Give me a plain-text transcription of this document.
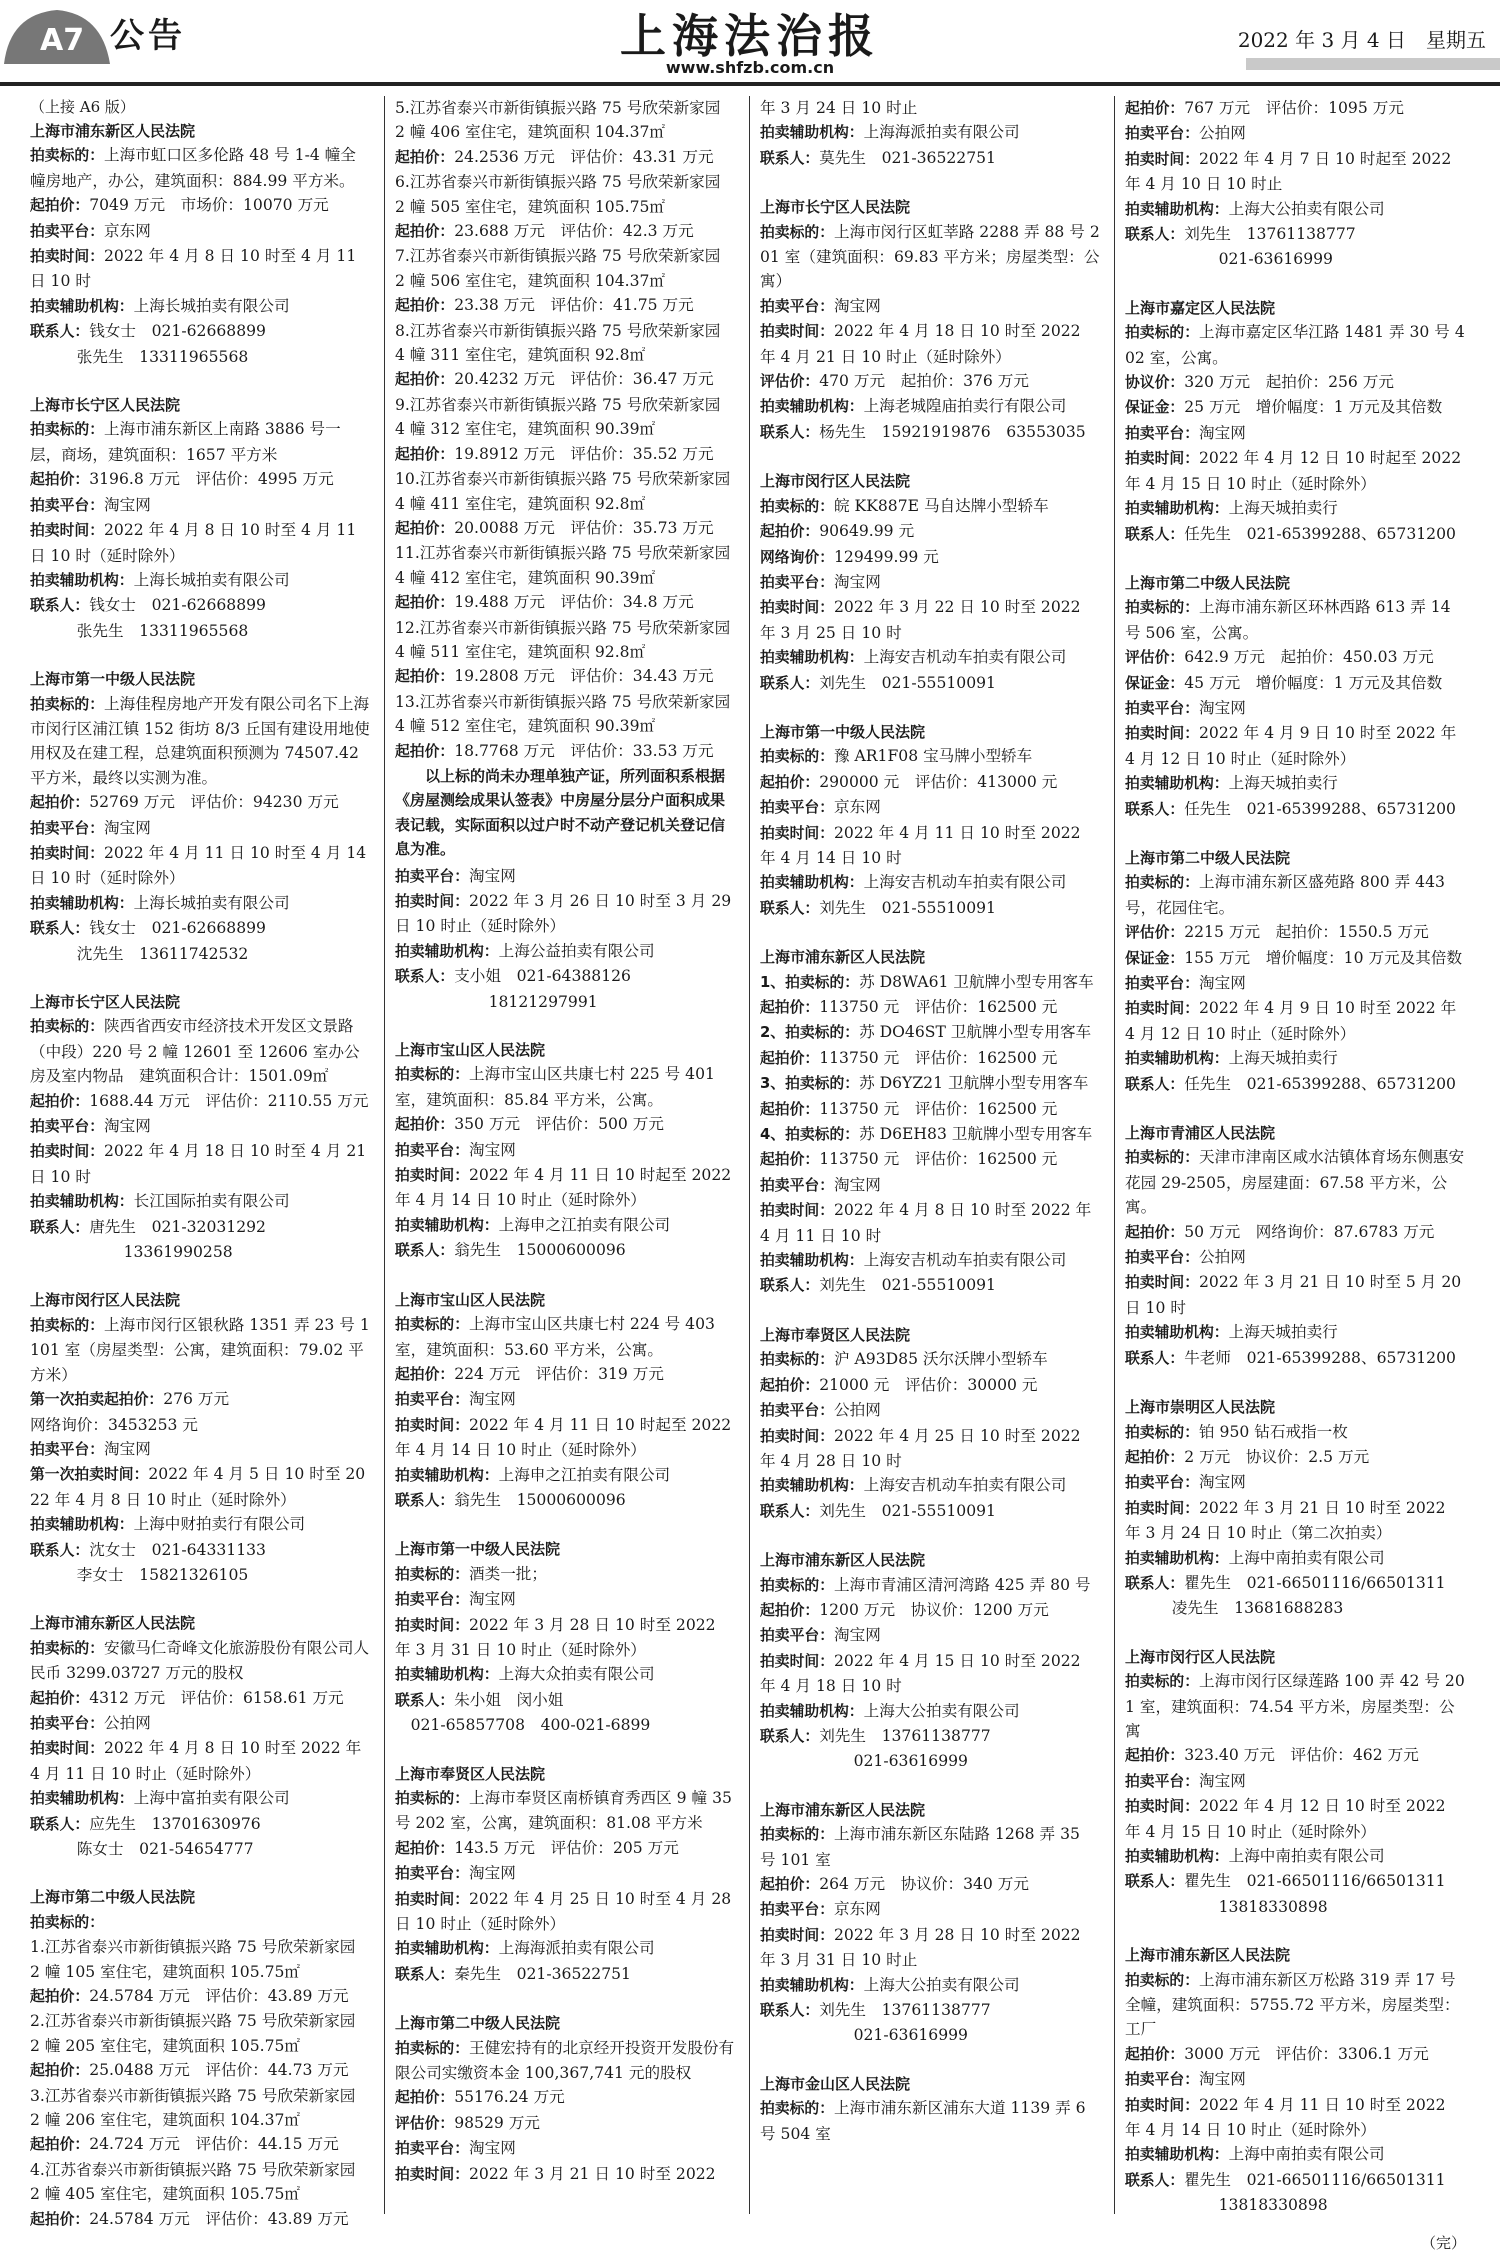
A7 公告	上海法治报
www.shfzb.com.cn
2022 年 3 月 4 日　星期五
（上接 A6 版）
上海市浦东新区人民法院
拍卖标的：上海市虹口区多伦路 48 号 1-4 幢全幢房地产，办公，建筑面积：884.99 平方米。
起拍价：7049 万元　市场价：10070 万元
拍卖平台：京东网
拍卖时间：2022 年 4 月 8 日 10 时至 4 月 11 日 10 时
拍卖辅助机构：上海长城拍卖有限公司
联系人：钱女士　021-62668899
　　　张先生　13311965568
上海市长宁区人民法院
拍卖标的：上海市浦东新区上南路 3886 号一层，商场，建筑面积：1657 平方米
起拍价：3196.8 万元　评估价：4995 万元
拍卖平台：淘宝网
拍卖时间：2022 年 4 月 8 日 10 时至 4 月 11 日 10 时（延时除外）
拍卖辅助机构：上海长城拍卖有限公司
联系人：钱女士　021-62668899
　　　张先生　13311965568
上海市第一中级人民法院
拍卖标的：上海佳程房地产开发有限公司名下上海市闵行区浦江镇 152 街坊 8/3 丘国有建设用地使用权及在建工程，总建筑面积预测为 74507.42 平方米，最终以实测为准。
起拍价：52769 万元　评估价：94230 万元
拍卖平台：淘宝网
拍卖时间：2022 年 4 月 11 日 10 时至 4 月 14 日 10 时（延时除外）
拍卖辅助机构：上海长城拍卖有限公司
联系人：钱女士　021-62668899
　　　沈先生　13611742532
上海市长宁区人民法院
拍卖标的：陕西省西安市经济技术开发区文景路（中段）220 号 2 幢 12601 至 12606 室办公房及室内物品　建筑面积合计：1501.09㎡
起拍价：1688.44 万元　评估价：2110.55 万元
拍卖平台：淘宝网
拍卖时间：2022 年 4 月 18 日 10 时至 4 月 21 日 10 时
拍卖辅助机构：长江国际拍卖有限公司
联系人：唐先生　021-32031292
　　　　　　13361990258
上海市闵行区人民法院
拍卖标的：上海市闵行区银秋路 1351 弄 23 号 1101 室（房屋类型：公寓，建筑面积：79.02 平方米）
第一次拍卖起拍价：276 万元
网络询价：3453253 元
拍卖平台：淘宝网
第一次拍卖时间：2022 年 4 月 5 日 10 时至 2022 年 4 月 8 日 10 时止（延时除外）
拍卖辅助机构：上海中财拍卖行有限公司
联系人：沈女士　021-64331133
　　　李女士　15821326105
上海市浦东新区人民法院
拍卖标的：安徽马仁奇峰文化旅游股份有限公司人民币 3299.03727 万元的股权
起拍价：4312 万元　评估价：6158.61 万元
拍卖平台：公拍网
拍卖时间：2022 年 4 月 8 日 10 时至 2022 年 4 月 11 日 10 时止（延时除外）
拍卖辅助机构：上海中富拍卖有限公司
联系人：应先生　13701630976
　　　陈女士　021-54654777
上海市第二中级人民法院
拍卖标的：
1.江苏省泰兴市新街镇振兴路 75 号欣荣新家园 2 幢 105 室住宅，建筑面积 105.75㎡
起拍价：24.5784 万元　评估价：43.89 万元
2.江苏省泰兴市新街镇振兴路 75 号欣荣新家园 2 幢 205 室住宅，建筑面积 105.75㎡
起拍价：25.0488 万元　评估价：44.73 万元
3.江苏省泰兴市新街镇振兴路 75 号欣荣新家园 2 幢 206 室住宅，建筑面积 104.37㎡
起拍价：24.724 万元　评估价：44.15 万元
4.江苏省泰兴市新街镇振兴路 75 号欣荣新家园 2 幢 405 室住宅，建筑面积 105.75㎡
起拍价：24.5784 万元　评估价：43.89 万元
5.江苏省泰兴市新街镇振兴路 75 号欣荣新家园 2 幢 406 室住宅，建筑面积 104.37㎡
起拍价：24.2536 万元　评估价：43.31 万元
6.江苏省泰兴市新街镇振兴路 75 号欣荣新家园 2 幢 505 室住宅，建筑面积 105.75㎡
起拍价：23.688 万元　评估价：42.3 万元
7.江苏省泰兴市新街镇振兴路 75 号欣荣新家园 2 幢 506 室住宅，建筑面积 104.37㎡
起拍价：23.38 万元　评估价：41.75 万元
8.江苏省泰兴市新街镇振兴路 75 号欣荣新家园 4 幢 311 室住宅，建筑面积 92.8㎡
起拍价：20.4232 万元　评估价：36.47 万元
9.江苏省泰兴市新街镇振兴路 75 号欣荣新家园 4 幢 312 室住宅，建筑面积 90.39㎡
起拍价：19.8912 万元　评估价：35.52 万元
10.江苏省泰兴市新街镇振兴路 75 号欣荣新家园 4 幢 411 室住宅，建筑面积 92.8㎡
起拍价：20.0088 万元　评估价：35.73 万元
11.江苏省泰兴市新街镇振兴路 75 号欣荣新家园 4 幢 412 室住宅，建筑面积 90.39㎡
起拍价：19.488 万元　评估价：34.8 万元
12.江苏省泰兴市新街镇振兴路 75 号欣荣新家园 4 幢 511 室住宅，建筑面积 92.8㎡
起拍价：19.2808 万元　评估价：34.43 万元
13.江苏省泰兴市新街镇振兴路 75 号欣荣新家园 4 幢 512 室住宅，建筑面积 90.39㎡
起拍价：18.7768 万元　评估价：33.53 万元
以上标的尚未办理单独产证，所列面积系根据《房屋测绘成果认签表》中房屋分层分户面积成果表记载，实际面积以过户时不动产登记机关登记信息为准。
拍卖平台：淘宝网
拍卖时间：2022 年 3 月 26 日 10 时至 3 月 29 日 10 时止（延时除外）
拍卖辅助机构：上海公益拍卖有限公司
联系人：支小姐　021-64388126
　　　　　　18121297991
上海市宝山区人民法院
拍卖标的：上海市宝山区共康七村 225 号 401 室，建筑面积：85.84 平方米，公寓。
起拍价：350 万元　评估价：500 万元
拍卖平台：淘宝网
拍卖时间：2022 年 4 月 11 日 10 时起至 2022 年 4 月 14 日 10 时止（延时除外）
拍卖辅助机构：上海申之江拍卖有限公司
联系人：翁先生　15000600096
上海市宝山区人民法院
拍卖标的：上海市宝山区共康七村 224 号 403 室，建筑面积：53.60 平方米，公寓。
起拍价：224 万元　评估价：319 万元
拍卖平台：淘宝网
拍卖时间：2022 年 4 月 11 日 10 时起至 2022 年 4 月 14 日 10 时止（延时除外）
拍卖辅助机构：上海申之江拍卖有限公司
联系人：翁先生　15000600096
上海市第一中级人民法院
拍卖标的：酒类一批；
拍卖平台：淘宝网
拍卖时间：2022 年 3 月 28 日 10 时至 2022 年 3 月 31 日 10 时止（延时除外）
拍卖辅助机构：上海大众拍卖有限公司
联系人：朱小姐　闵小姐
　021-65857708　400-021-6899
上海市奉贤区人民法院
拍卖标的：上海市奉贤区南桥镇育秀西区 9 幢 35 号 202 室，公寓，建筑面积：81.08 平方米
起拍价：143.5 万元　评估价：205 万元
拍卖平台：淘宝网
拍卖时间：2022 年 4 月 25 日 10 时至 4 月 28 日 10 时止（延时除外）
拍卖辅助机构：上海海派拍卖有限公司
联系人：秦先生　021-36522751
上海市第二中级人民法院
拍卖标的：王健宏持有的北京经开投资开发股份有限公司实缴资本金 100,367,741 元的股权
起拍价：55176.24 万元
评估价：98529 万元
拍卖平台：淘宝网
拍卖时间：2022 年 3 月 21 日 10 时至 2022
年 3 月 24 日 10 时止
拍卖辅助机构：上海海派拍卖有限公司
联系人：莫先生　021-36522751
上海市长宁区人民法院
拍卖标的：上海市闵行区虹莘路 2288 弄 88 号 201 室（建筑面积：69.83 平方米；房屋类型：公寓）
拍卖平台：淘宝网
拍卖时间：2022 年 4 月 18 日 10 时至 2022 年 4 月 21 日 10 时止（延时除外）
评估价：470 万元　起拍价：376 万元
拍卖辅助机构：上海老城隍庙拍卖行有限公司
联系人：杨先生　15921919876　63553035
上海市闵行区人民法院
拍卖标的：皖 KK887E 马自达牌小型轿车
起拍价：90649.99 元
网络询价：129499.99 元
拍卖平台：淘宝网
拍卖时间：2022 年 3 月 22 日 10 时至 2022 年 3 月 25 日 10 时
拍卖辅助机构：上海安吉机动车拍卖有限公司
联系人：刘先生　021-55510091
上海市第一中级人民法院
拍卖标的：豫 AR1F08 宝马牌小型轿车
起拍价：290000 元　评估价：413000 元
拍卖平台：京东网
拍卖时间：2022 年 4 月 11 日 10 时至 2022 年 4 月 14 日 10 时
拍卖辅助机构：上海安吉机动车拍卖有限公司
联系人：刘先生　021-55510091
上海市浦东新区人民法院
1、拍卖标的：苏 D8WA61 卫航牌小型专用客车
起拍价：113750 元　评估价：162500 元
2、拍卖标的：苏 DO46ST 卫航牌小型专用客车
起拍价：113750 元　评估价：162500 元
3、拍卖标的：苏 D6YZ21 卫航牌小型专用客车
起拍价：113750 元　评估价：162500 元
4、拍卖标的：苏 D6EH83 卫航牌小型专用客车
起拍价：113750 元　评估价：162500 元
拍卖平台：淘宝网
拍卖时间：2022 年 4 月 8 日 10 时至 2022 年 4 月 11 日 10 时
拍卖辅助机构：上海安吉机动车拍卖有限公司
联系人：刘先生　021-55510091
上海市奉贤区人民法院
拍卖标的：沪 A93D85 沃尔沃牌小型轿车
起拍价：21000 元　评估价：30000 元
拍卖平台：公拍网
拍卖时间：2022 年 4 月 25 日 10 时至 2022 年 4 月 28 日 10 时
拍卖辅助机构：上海安吉机动车拍卖有限公司
联系人：刘先生　021-55510091
上海市浦东新区人民法院
拍卖标的：上海市青浦区清河湾路 425 弄 80 号
起拍价：1200 万元　协议价：1200 万元
拍卖平台：淘宝网
拍卖时间：2022 年 4 月 15 日 10 时至 2022 年 4 月 18 日 10 时
拍卖辅助机构：上海大公拍卖有限公司
联系人：刘先生　13761138777
　　　　　　021-63616999
上海市浦东新区人民法院
拍卖标的：上海市浦东新区东陆路 1268 弄 35 号 101 室
起拍价：264 万元　协议价：340 万元
拍卖平台：京东网
拍卖时间：2022 年 3 月 28 日 10 时至 2022 年 3 月 31 日 10 时止
拍卖辅助机构：上海大公拍卖有限公司
联系人：刘先生　13761138777
　　　　　　021-63616999
上海市金山区人民法院
拍卖标的：上海市浦东新区浦东大道 1139 弄 6 号 504 室
起拍价：767 万元　评估价：1095 万元
拍卖平台：公拍网
拍卖时间：2022 年 4 月 7 日 10 时起至 2022 年 4 月 10 日 10 时止
拍卖辅助机构：上海大公拍卖有限公司
联系人：刘先生　13761138777
　　　　　　021-63616999
上海市嘉定区人民法院
拍卖标的：上海市嘉定区华江路 1481 弄 30 号 402 室，公寓。
协议价：320 万元　起拍价：256 万元
保证金：25 万元　增价幅度：1 万元及其倍数
拍卖平台：淘宝网
拍卖时间：2022 年 4 月 12 日 10 时起至 2022 年 4 月 15 日 10 时止（延时除外）
拍卖辅助机构：上海天城拍卖行
联系人：任先生　021-65399288、65731200
上海市第二中级人民法院
拍卖标的：上海市浦东新区环林西路 613 弄 14 号 506 室，公寓。
评估价：642.9 万元　起拍价：450.03 万元
保证金：45 万元　增价幅度：1 万元及其倍数
拍卖平台：淘宝网
拍卖时间：2022 年 4 月 9 日 10 时至 2022 年 4 月 12 日 10 时止（延时除外）
拍卖辅助机构：上海天城拍卖行
联系人：任先生　021-65399288、65731200
上海市第二中级人民法院
拍卖标的：上海市浦东新区盛苑路 800 弄 443 号，花园住宅。
评估价：2215 万元　起拍价：1550.5 万元
保证金：155 万元　增价幅度：10 万元及其倍数
拍卖平台：淘宝网
拍卖时间：2022 年 4 月 9 日 10 时至 2022 年 4 月 12 日 10 时止（延时除外）
拍卖辅助机构：上海天城拍卖行
联系人：任先生　021-65399288、65731200
上海市青浦区人民法院
拍卖标的：天津市津南区咸水沽镇体育场东侧惠安花园 29-2505，房屋建面：67.58 平方米，公寓。
起拍价：50 万元　网络询价：87.6783 万元
拍卖平台：公拍网
拍卖时间：2022 年 3 月 21 日 10 时至 5 月 20 日 10 时
拍卖辅助机构：上海天城拍卖行
联系人：牛老师　021-65399288、65731200
上海市崇明区人民法院
拍卖标的：铂 950 钻石戒指一枚
起拍价：2 万元　协议价：2.5 万元
拍卖平台：淘宝网
拍卖时间：2022 年 3 月 21 日 10 时至 2022 年 3 月 24 日 10 时止（第二次拍卖）
拍卖辅助机构：上海中南拍卖有限公司
联系人：瞿先生　021-66501116/66501311
　　　凌先生　13681688283
上海市闵行区人民法院
拍卖标的：上海市闵行区绿莲路 100 弄 42 号 201 室，建筑面积：74.54 平方米，房屋类型：公寓
起拍价：323.40 万元　评估价：462 万元
拍卖平台：淘宝网
拍卖时间：2022 年 4 月 12 日 10 时至 2022 年 4 月 15 日 10 时止（延时除外）
拍卖辅助机构：上海中南拍卖有限公司
联系人：瞿先生　021-66501116/66501311
　　　　　　13818330898
上海市浦东新区人民法院
拍卖标的：上海市浦东新区万松路 319 弄 17 号全幢，建筑面积：5755.72 平方米，房屋类型：工厂
起拍价：3000 万元　评估价：3306.1 万元
拍卖平台：淘宝网
拍卖时间：2022 年 4 月 11 日 10 时至 2022 年 4 月 14 日 10 时止（延时除外）
拍卖辅助机构：上海中南拍卖有限公司
联系人：瞿先生　021-66501116/66501311
　　　　　　13818330898
（完）
